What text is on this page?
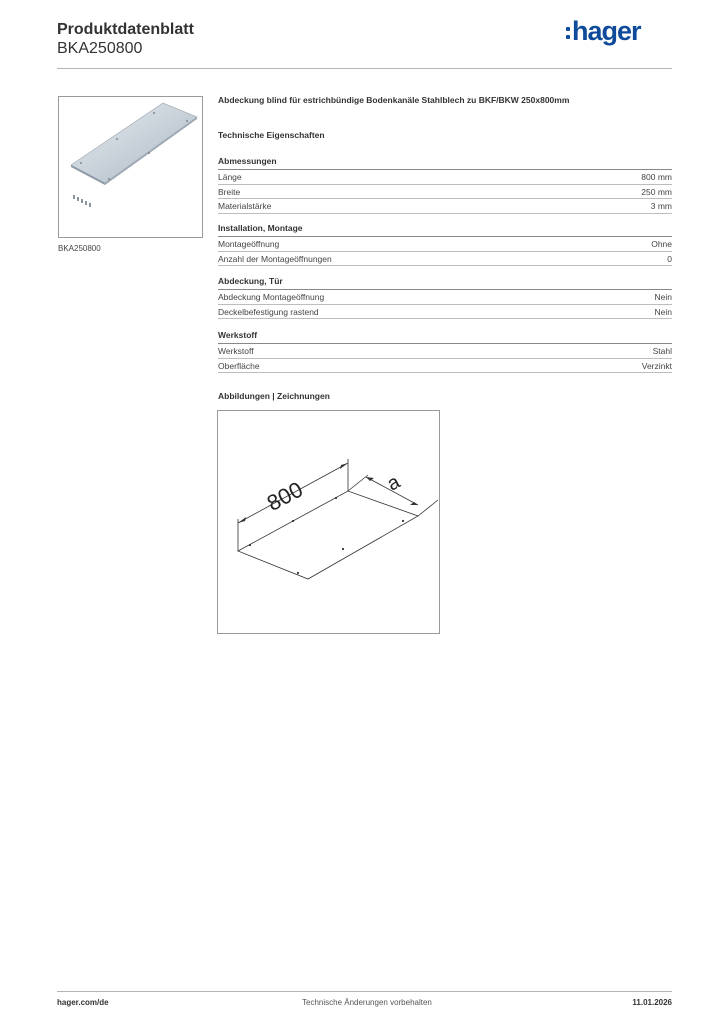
Produktdatenblatt
BKA250800
hager
BKA250800
Abdeckung blind für estrichbündige Bodenkanäle Stahlblech zu BKF/BKW 250x800mm
Technische Eigenschaften
Abmessungen
Länge	800 mm
Breite	250 mm
Materialstärke	3 mm
Installation, Montage
Montageöffnung	Ohne
Anzahl der Montageöffnungen	0
Abdeckung, Tür
Abdeckung Montageöffnung	Nein
Deckelbefestigung rastend	Nein
Werkstoff
Werkstoff	Stahl
Oberfläche	Verzinkt
Abbildungen | Zeichnungen
800	a
hager.com/de	Technische Änderungen vorbehalten	11.01.2026
